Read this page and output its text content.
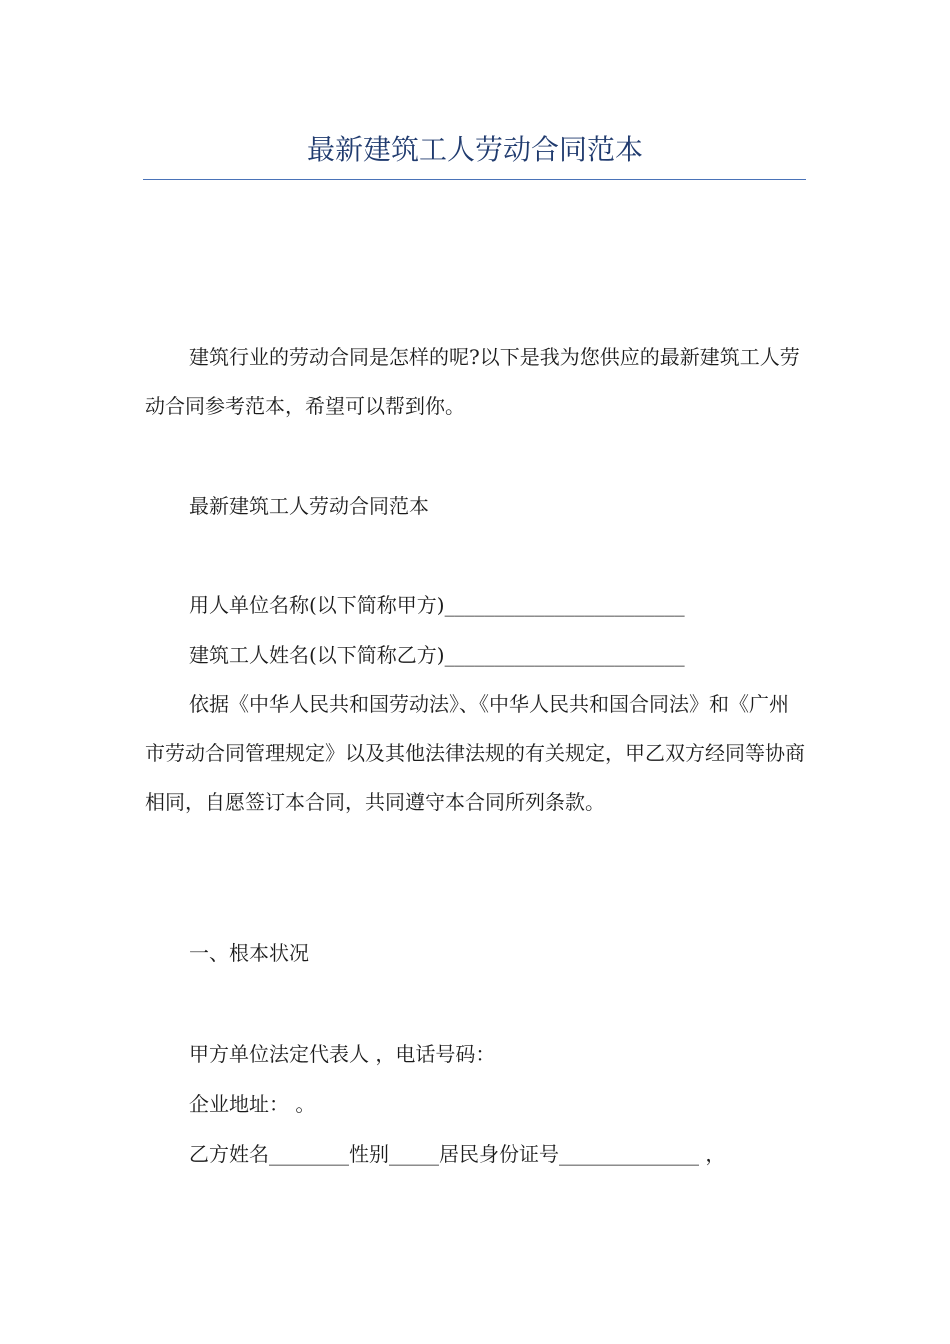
最新建筑工人劳动合同范本

建筑行业的劳动合同是怎样的呢?以下是我为您供应的最新建筑工人劳动合同参考范本，希望可以帮到你。

最新建筑工人劳动合同范本

用人单位名称(以下简称甲方)________________________

建筑工人姓名(以下简称乙方)________________________

依据《中华人民共和国劳动法》、《中华人民共和国合同法》和《广州市劳动合同管理规定》以及其他法律法规的有关规定，甲乙双方经同等协商相同，自愿签订本合同，共同遵守本合同所列条款。

一、根本状况

甲方单位法定代表人 ，电话号码：

企业地址： 。

乙方姓名________性别_____居民身份证号______________ ，
